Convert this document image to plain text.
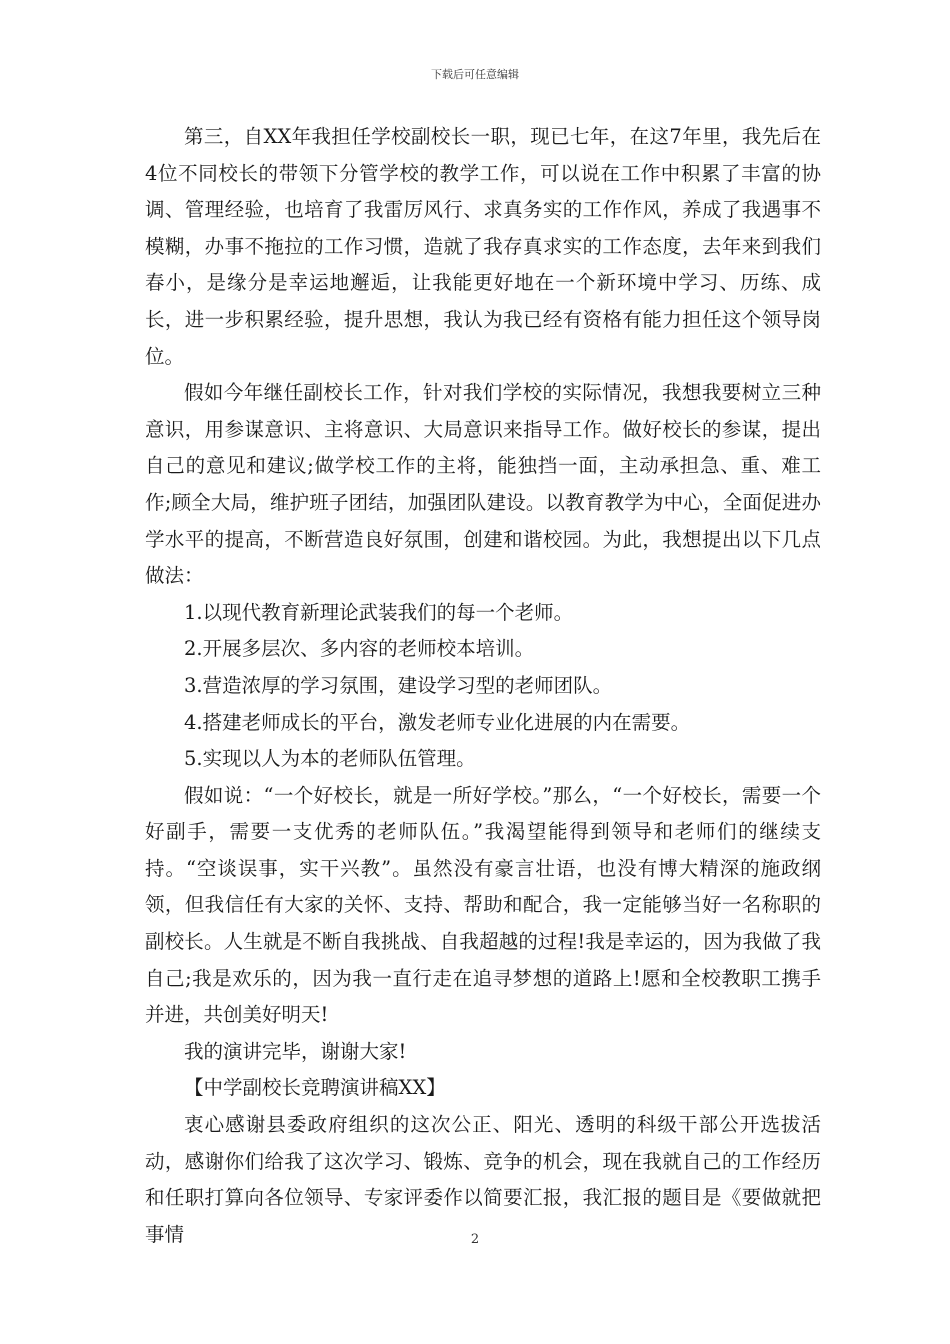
下载后可任意编辑

第三，自XX年我担任学校副校长一职，现已七年，在这7年里，我先后在4位不同校长的带领下分管学校的教学工作，可以说在工作中积累了丰富的协调、管理经验，也培育了我雷厉风行、求真务实的工作作风，养成了我遇事不模糊，办事不拖拉的工作习惯，造就了我存真求实的工作态度，去年来到我们春小，是缘分是幸运地邂逅，让我能更好地在一个新环境中学习、历练、成长，进一步积累经验，提升思想，我认为我已经有资格有能力担任这个领导岗位。

假如今年继任副校长工作，针对我们学校的实际情况，我想我要树立三种意识，用参谋意识、主将意识、大局意识来指导工作。做好校长的参谋，提出自己的意见和建议;做学校工作的主将，能独挡一面，主动承担急、重、难工作;顾全大局，维护班子团结，加强团队建设。以教育教学为中心，全面促进办学水平的提高，不断营造良好氛围，创建和谐校园。为此，我想提出以下几点做法：

1.以现代教育新理论武装我们的每一个老师。

2.开展多层次、多内容的老师校本培训。

3.营造浓厚的学习氛围，建设学习型的老师团队。

4.搭建老师成长的平台，激发老师专业化进展的内在需要。

5.实现以人为本的老师队伍管理。

假如说：“一个好校长，就是一所好学校。”那么，“一个好校长，需要一个好副手，需要一支优秀的老师队伍。”我渴望能得到领导和老师们的继续支持。“空谈误事，实干兴教”。虽然没有豪言壮语，也没有博大精深的施政纲领，但我信任有大家的关怀、支持、帮助和配合，我一定能够当好一名称职的副校长。人生就是不断自我挑战、自我超越的过程!我是幸运的，因为我做了我自己;我是欢乐的，因为我一直行走在追寻梦想的道路上!愿和全校教职工携手并进，共创美好明天!

我的演讲完毕，谢谢大家!

【中学副校长竞聘演讲稿XX】

衷心感谢县委政府组织的这次公正、阳光、透明的科级干部公开选拔活动，感谢你们给我了这次学习、锻炼、竞争的机会，现在我就自己的工作经历和任职打算向各位领导、专家评委作以简要汇报，我汇报的题目是《要做就把事情	2
